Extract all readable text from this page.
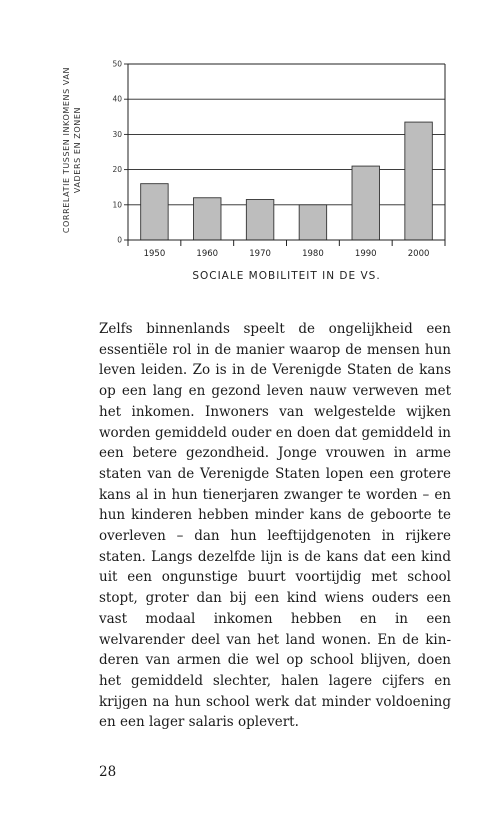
CORRELATIE TUSSEN INKOMENS VAN VADERS EN ZONEN
0
10
20
30
40
50
1950	1960	1970	1980	1990	2000
SOCIALE MOBILITEIT IN DE VS.

Zelfs binnenlands speelt de ongelijkheid een essentiële rol in de manier waarop de mensen hun leven leiden. Zo is in de Verenigde Staten de kans op een lang en gezond leven nauw verweven met het inkomen. Inwoners van welgestelde wijken worden gemiddeld ouder en doen dat gemiddeld in een betere gezondheid. Jonge vrouwen in arme staten van de Verenigde Staten lopen een grotere kans al in hun tienerjaren zwanger te worden – en hun kinderen hebben minder kans de geboorte te overleven – dan hun leeftijdgenoten in rijkere staten. Langs dezelfde lijn is de kans dat een kind uit een ongunstige buurt voortijdig met school stopt, groter dan bij een kind wiens ouders een vast modaal inkomen hebben en in een welvarender deel van het land wonen. En de kinderen van armen die wel op school blijven, doen het gemiddeld slechter, halen lagere cijfers en krijgen na hun school werk dat minder voldoening en een lager salaris oplevert.

28
